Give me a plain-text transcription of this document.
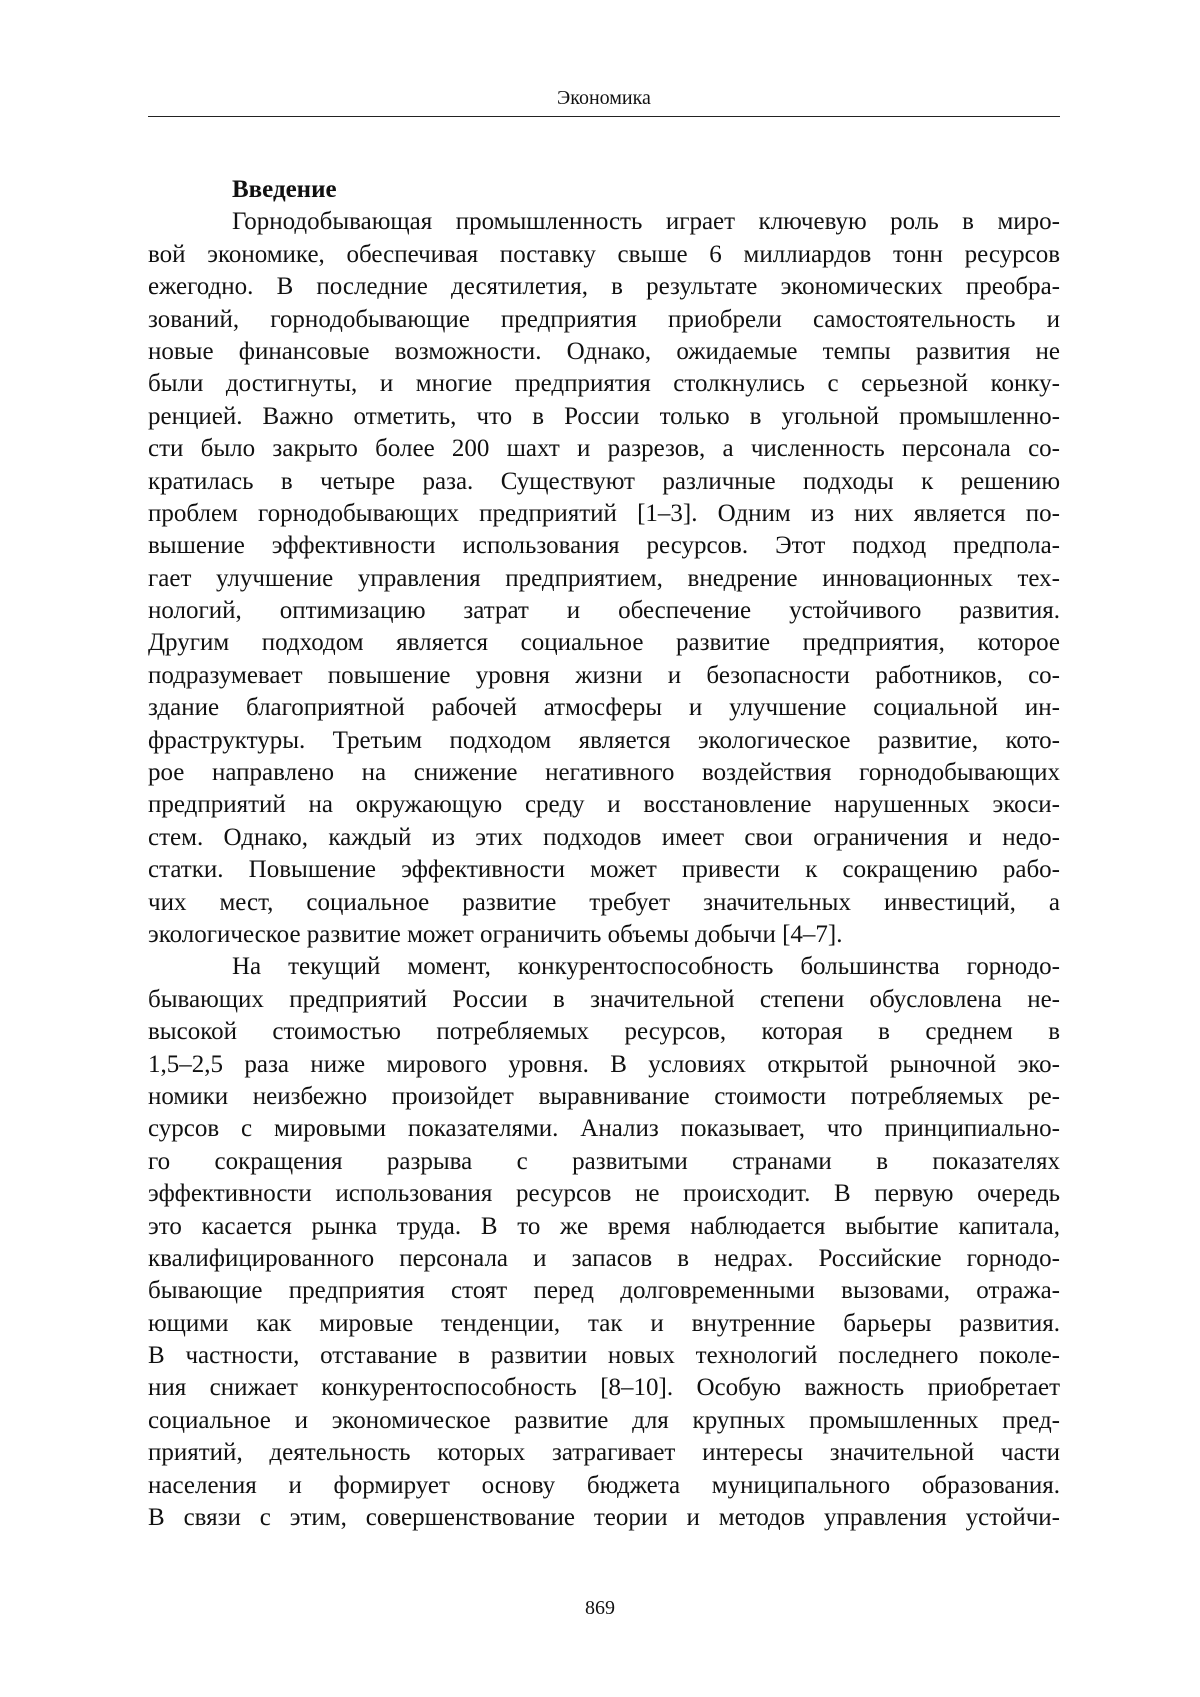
Экономика
Введение
Горнодобывающая промышленность играет ключевую роль в миро-
вой экономике, обеспечивая поставку свыше 6 миллиардов тонн ресурсов
ежегодно. В последние десятилетия, в результате экономических преобра-
зований, горнодобывающие предприятия приобрели самостоятельность и
новые финансовые возможности. Однако, ожидаемые темпы развития не
были достигнуты, и многие предприятия столкнулись с серьезной конку-
ренцией. Важно отметить, что в России только в угольной промышленно-
сти было закрыто более 200 шахт и разрезов, а численность персонала со-
кратилась в четыре раза. Существуют различные подходы к решению
проблем горнодобывающих предприятий [1–3]. Одним из них является по-
вышение эффективности использования ресурсов. Этот подход предпола-
гает улучшение управления предприятием, внедрение инновационных тех-
нологий, оптимизацию затрат и обеспечение устойчивого развития.
Другим подходом является социальное развитие предприятия, которое
подразумевает повышение уровня жизни и безопасности работников, со-
здание благоприятной рабочей атмосферы и улучшение социальной ин-
фраструктуры. Третьим подходом является экологическое развитие, кото-
рое направлено на снижение негативного воздействия горнодобывающих
предприятий на окружающую среду и восстановление нарушенных экоси-
стем. Однако, каждый из этих подходов имеет свои ограничения и недо-
статки. Повышение эффективности может привести к сокращению рабо-
чих мест, социальное развитие требует значительных инвестиций, а
экологическое развитие может ограничить объемы добычи [4–7].
На текущий момент, конкурентоспособность большинства горнодо-
бывающих предприятий России в значительной степени обусловлена не-
высокой стоимостью потребляемых ресурсов, которая в среднем в
1,5–2,5 раза ниже мирового уровня. В условиях открытой рыночной эко-
номики неизбежно произойдет выравнивание стоимости потребляемых ре-
сурсов с мировыми показателями. Анализ показывает, что принципиально-
го сокращения разрыва с развитыми странами в показателях
эффективности использования ресурсов не происходит. В первую очередь
это касается рынка труда. В то же время наблюдается выбытие капитала,
квалифицированного персонала и запасов в недрах. Российские горнодо-
бывающие предприятия стоят перед долговременными вызовами, отража-
ющими как мировые тенденции, так и внутренние барьеры развития.
В частности, отставание в развитии новых технологий последнего поколе-
ния снижает конкурентоспособность [8–10]. Особую важность приобретает
социальное и экономическое развитие для крупных промышленных пред-
приятий, деятельность которых затрагивает интересы значительной части
населения и формирует основу бюджета муниципального образования.
В связи с этим, совершенствование теории и методов управления устойчи-
869
